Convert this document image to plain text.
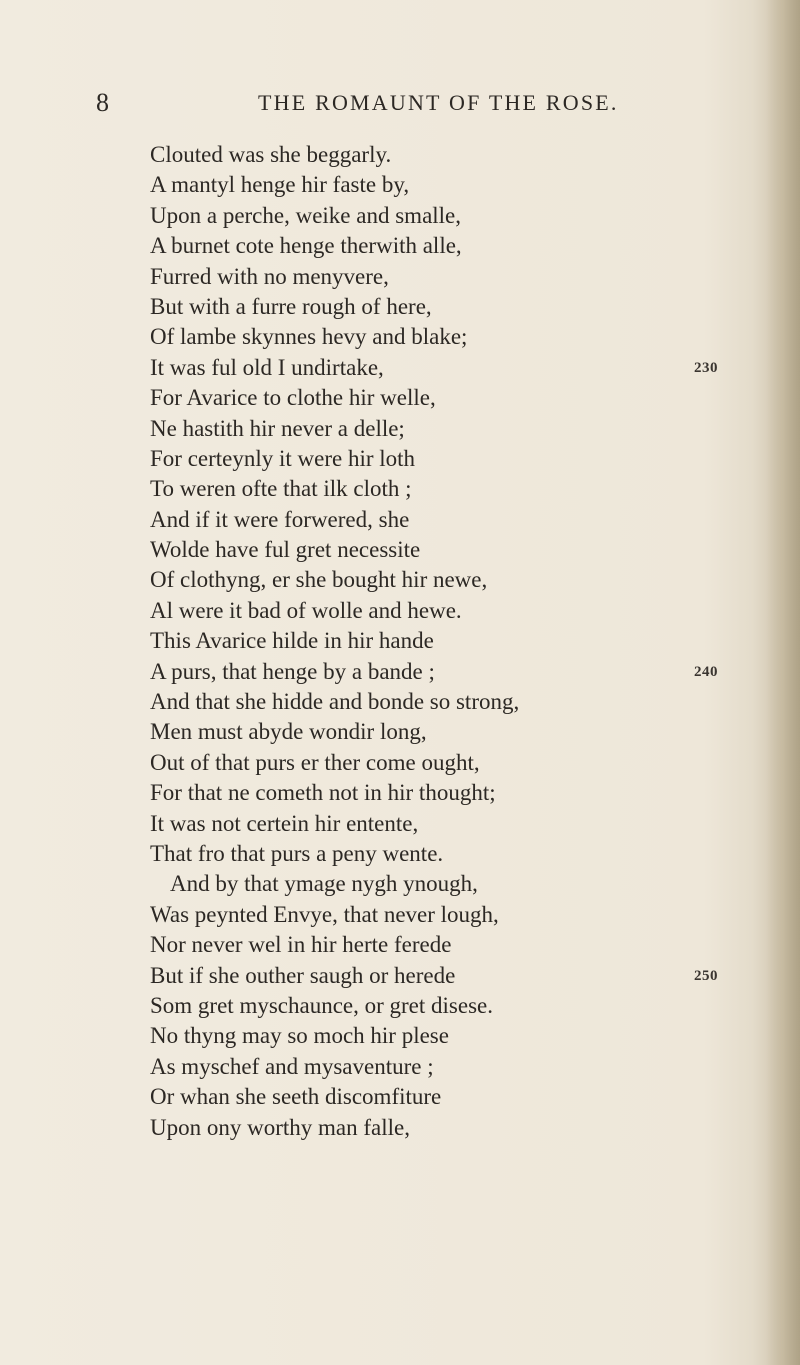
8	THE ROMAUNT OF THE ROSE.
Clouted was she beggarly.
A mantyl henge hir faste by,
Upon a perche, weike and smalle,
A burnet cote henge therwith alle,
Furred with no menyvere,
But with a furre rough of here,
Of lambe skynnes hevy and blake;
It was ful old I undirtake,	230
For Avarice to clothe hir welle,
Ne hastith hir never a delle;
For certeynly it were hir loth
To weren ofte that ilk cloth ;
And if it were forwered, she
Wolde have ful gret necessite
Of clothyng, er she bought hir newe,
Al were it bad of wolle and hewe.
This Avarice hilde in hir hande
A purs, that henge by a bande ;	240
And that she hidde and bonde so strong,
Men must abyde wondir long,
Out of that purs er ther come ought,
For that ne cometh not in hir thought;
It was not certein hir entente,
That fro that purs a peny wente.
And by that ymage nygh ynough,
Was peynted Envye, that never lough,
Nor never wel in hir herte ferede
But if she outher saugh or herede	250
Som gret myschaunce, or gret disese.
No thyng may so moch hir plese
As myschef and mysaventure ;
Or whan she seeth discomfiture
Upon ony worthy man falle,
